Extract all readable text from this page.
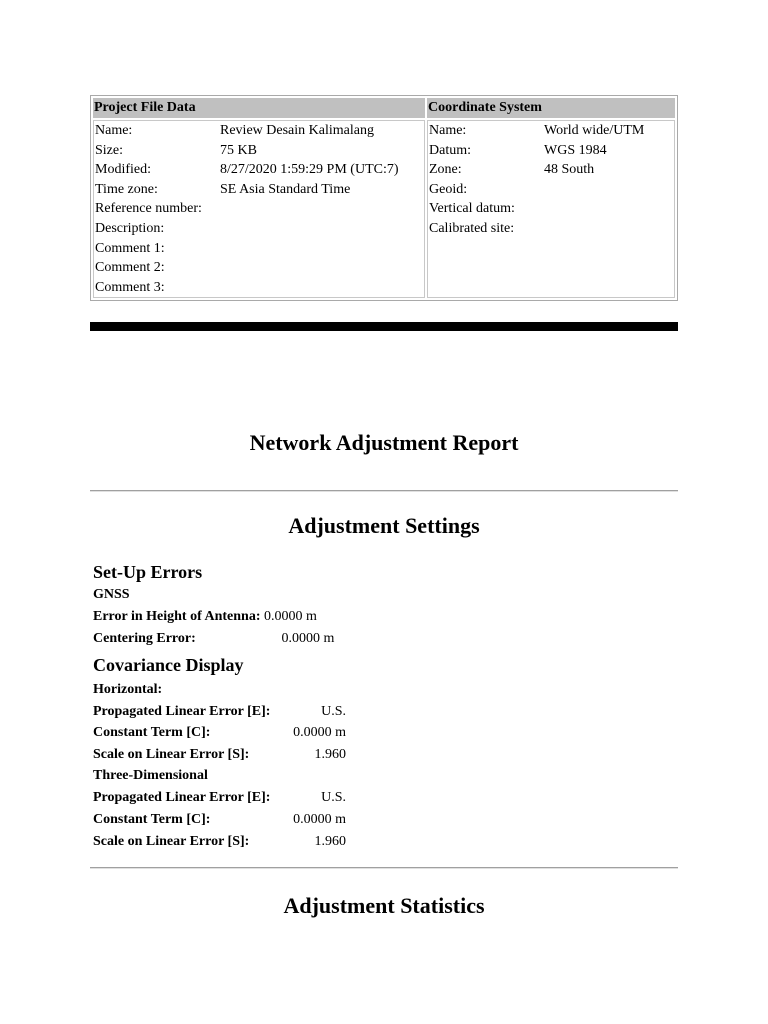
Project File Data	Coordinate System

Name:	Review Desain Kalimalang
Size:	75 KB
Modified:	8/27/2020 1:59:29 PM (UTC:7)
Time zone:	SE Asia Standard Time
Reference number:	
Description:	
Comment 1:	
Comment 2:	
Comment 3:	

Name:	World wide/UTM
Datum:	WGS 1984
Zone:	48 South
Geoid:	
Vertical datum:	
Calibrated site:	
Network Adjustment Report
Adjustment Settings
Set-Up Errors
GNSS
Error in Height of Antenna: 0.0000 m
Centering Error:	0.0000 m
Covariance Display
Horizontal:
Propagated Linear Error [E]:	U.S.
Constant Term [C]:	0.0000 m
Scale on Linear Error [S]:	1.960
Three-Dimensional
Propagated Linear Error [E]:	U.S.
Constant Term [C]:	0.0000 m
Scale on Linear Error [S]:	1.960
Adjustment Statistics
